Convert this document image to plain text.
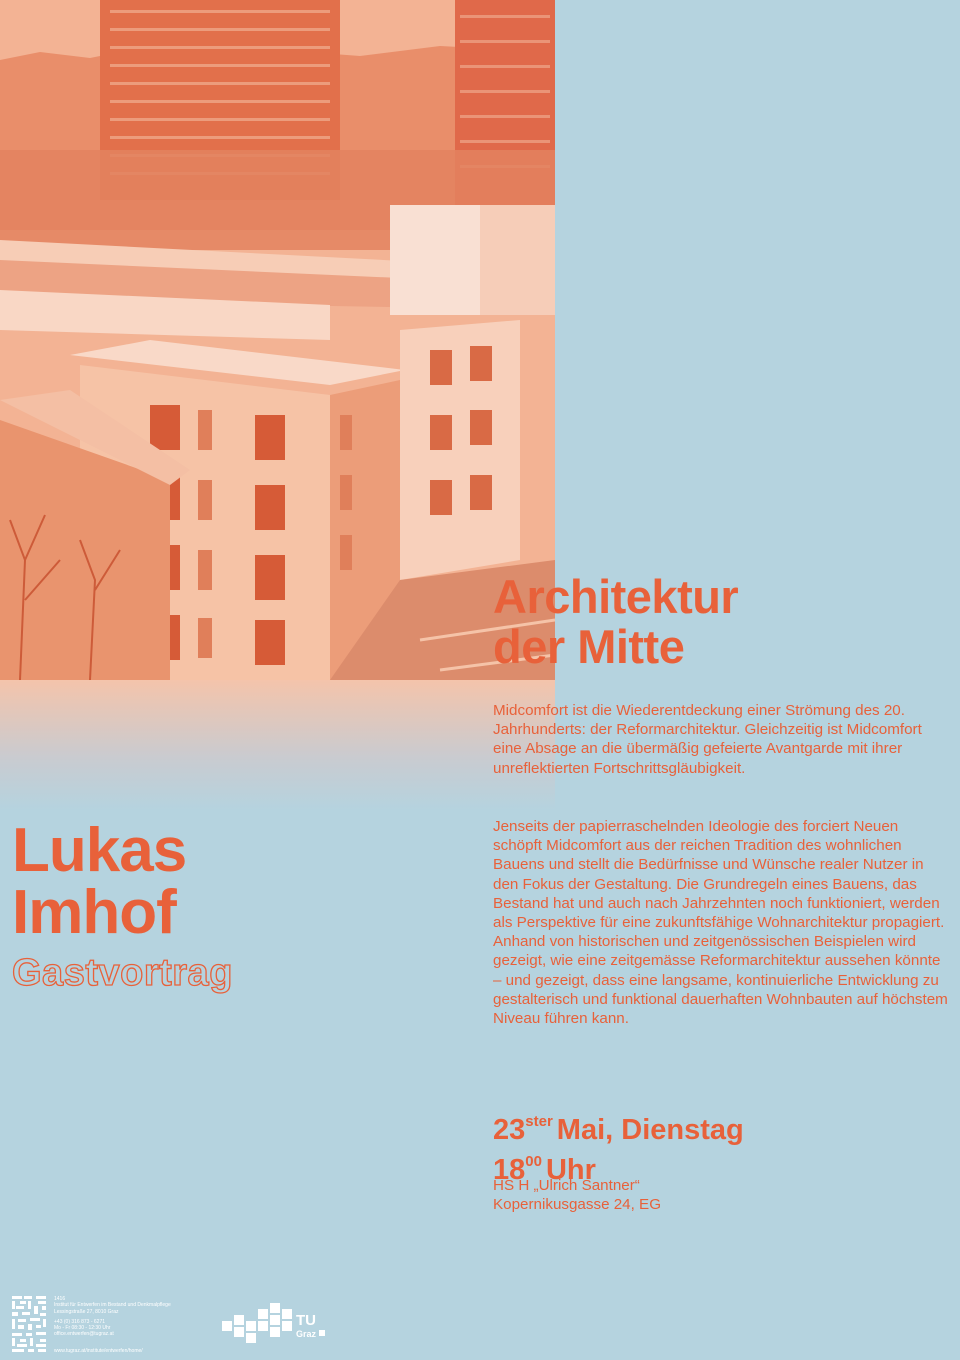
Architektur
der Mitte

Midcomfort ist die Wiederentdeckung einer Strömung des 20. Jahrhunderts: der Reformarchitektur. Gleichzeitig ist Midcomfort eine Absage an die übermäßig gefeierte Avantgarde mit ihrer unreflektierten Fortschrittsgläubigkeit.

Jenseits der papierraschelnden Ideologie des forciert Neuen schöpft Midcomfort aus der reichen Tradition des wohnlichen Bauens und stellt die Bedürfnisse und Wünsche realer Nutzer in den Fokus der Gestaltung. Die Grundregeln eines Bauens, das Bestand hat und auch nach Jahrzehnten noch funktioniert, werden als Perspektive für eine zukunftsfähige Wohnarchitektur propagiert. Anhand von historischen und zeitgenössischen Beispielen wird gezeigt, wie eine zeitgemässe Reformarchitektur aussehen könnte – und gezeigt, dass eine langsame, kontinuierliche Entwicklung zu gestalterisch und funktional dauerhaften Wohnbauten auf höchstem Niveau führen kann.

Lukas
Imhof
Gastvortrag
$23^{ster}$ Mai, Dienstag
$18^{00}$ Uhr
HS H „Ulrich Santner“
Kopernikusgasse 24, EG
1416
Institut für Entwerfen im Bestand und Denkmalpflege
Lessingstraße 27, 8010 Graz
+43 (0) 316 873 - 6271
Mo - Fr 08:30 - 12:30 Uhr
office.entwerfen@tugraz.at
www.tugraz.at/institute/entwerfen/home/
TU
Graz
